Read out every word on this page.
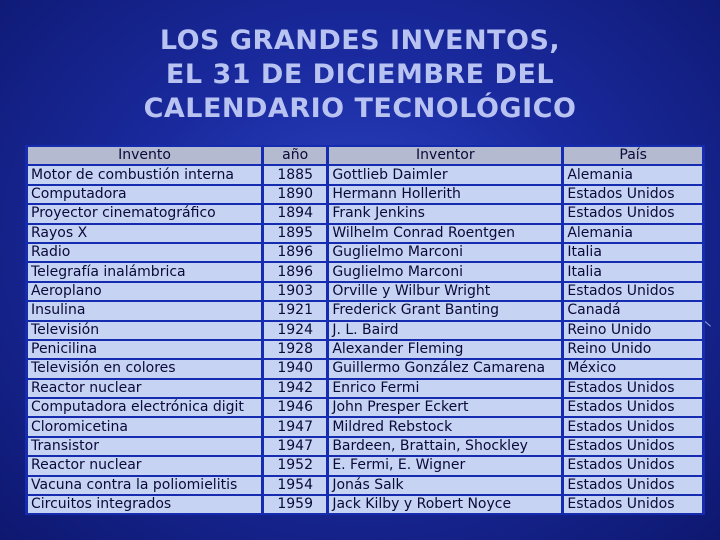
LOS GRANDES INVENTOS,
EL 31 DE DICIEMBRE DEL
CALENDARIO TECNOLÓGICO
Invento	año	Inventor	País
Motor de combustión interna	1885	Gottlieb Daimler	Alemania
Computadora	1890	Hermann Hollerith	Estados Unidos
Proyector cinematográfico	1894	Frank Jenkins	Estados Unidos
Rayos X	1895	Wilhelm Conrad Roentgen	Alemania
Radio	1896	Guglielmo Marconi	Italia
Telegrafía inalámbrica	1896	Guglielmo Marconi	Italia
Aeroplano	1903	Orville y Wilbur Wright	Estados Unidos
Insulina	1921	Frederick Grant Banting	Canadá
Televisión	1924	J. L. Baird	Reino Unido
Penicilina	1928	Alexander Fleming	Reino Unido
Televisión en colores	1940	Guillermo González Camarena	México
Reactor nuclear	1942	Enrico Fermi	Estados Unidos
Computadora electrónica digit	1946	John Presper Eckert	Estados Unidos
Cloromicetina	1947	Mildred Rebstock	Estados Unidos
Transistor	1947	Bardeen, Brattain, Shockley	Estados Unidos
Reactor nuclear	1952	E. Fermi, E. Wigner	Estados Unidos
Vacuna contra la poliomielitis	1954	Jonás Salk	Estados Unidos
Circuitos integrados	1959	Jack Kilby y Robert Noyce	Estados Unidos
